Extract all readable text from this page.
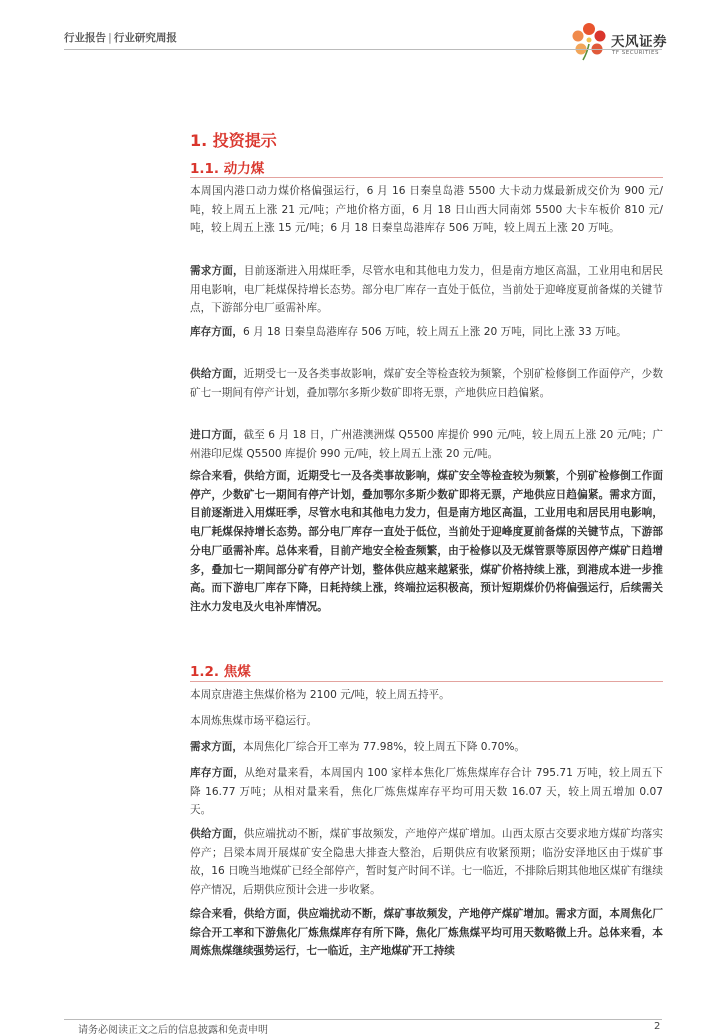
行业报告 | 行业研究周报	天风证券
TF SECURITIES
1. 投资提示
1.1. 动力煤

本周国内港口动力煤价格偏强运行，6 月 16 日秦皇岛港 5500 大卡动力煤最新成交价为 900 元/吨，较上周五上涨 21 元/吨；产地价格方面，6 月 18 日山西大同南郊 5500 大卡车板价 810 元/吨，较上周五上涨 15 元/吨；6 月 18 日秦皇岛港库存 506 万吨，较上周五上涨 20 万吨。

需求方面，目前逐渐进入用煤旺季，尽管水电和其他电力发力，但是南方地区高温，工业用电和居民用电影响，电厂耗煤保持增长态势。部分电厂库存一直处于低位，当前处于迎峰度夏前备煤的关键节点，下游部分电厂亟需补库。

库存方面，6 月 18 日秦皇岛港库存 506 万吨，较上周五上涨 20 万吨，同比上涨 33 万吨。

供给方面，近期受七一及各类事故影响，煤矿安全等检查较为频繁，个别矿检修倒工作面停产，少数矿七一期间有停产计划，叠加鄂尔多斯少数矿即将无票，产地供应日趋偏紧。

进口方面，截至 6 月 18 日，广州港澳洲煤 Q5500 库提价 990 元/吨，较上周五上涨 20 元/吨；广州港印尼煤 Q5500 库提价 990 元/吨，较上周五上涨 20 元/吨。

综合来看，供给方面，近期受七一及各类事故影响，煤矿安全等检查较为频繁，个别矿检修倒工作面停产，少数矿七一期间有停产计划，叠加鄂尔多斯少数矿即将无票，产地供应日趋偏紧。需求方面，目前逐渐进入用煤旺季，尽管水电和其他电力发力，但是南方地区高温，工业用电和居民用电影响，电厂耗煤保持增长态势。部分电厂库存一直处于低位，当前处于迎峰度夏前备煤的关键节点，下游部分电厂亟需补库。总体来看，目前产地安全检查频繁，由于检修以及无煤管票等原因停产煤矿日趋增多，叠加七一期间部分矿有停产计划，整体供应越来越紧张，煤矿价格持续上涨，到港成本进一步推高。而下游电厂库存下降，日耗持续上涨，终端拉运积极高，预计短期煤价仍将偏强运行，后续需关注水力发电及火电补库情况。

1.2. 焦煤

本周京唐港主焦煤价格为 2100 元/吨，较上周五持平。

本周炼焦煤市场平稳运行。

需求方面，本周焦化厂综合开工率为 77.98%，较上周五下降 0.70%。

库存方面，从绝对量来看，本周国内 100 家样本焦化厂炼焦煤库存合计 795.71 万吨，较上周五下降 16.77 万吨；从相对量来看，焦化厂炼焦煤库存平均可用天数 16.07 天，较上周五增加 0.07 天。

供给方面，供应端扰动不断，煤矿事故频发，产地停产煤矿增加。山西太原古交要求地方煤矿均落实停产；吕梁本周开展煤矿安全隐患大排查大整治，后期供应有收紧预期；临汾安泽地区由于煤矿事故，16 日晚当地煤矿已经全部停产，暂时复产时间不详。七一临近，不排除后期其他地区煤矿有继续停产情况，后期供应预计会进一步收紧。

综合来看，供给方面，供应端扰动不断，煤矿事故频发，产地停产煤矿增加。需求方面，本周焦化厂综合开工率和下游焦化厂炼焦煤库存有所下降，焦化厂炼焦煤平均可用天数略微上升。总体来看，本周炼焦煤继续强势运行，七一临近，主产地煤矿开工持续

请务必阅读正文之后的信息披露和免责申明	2
